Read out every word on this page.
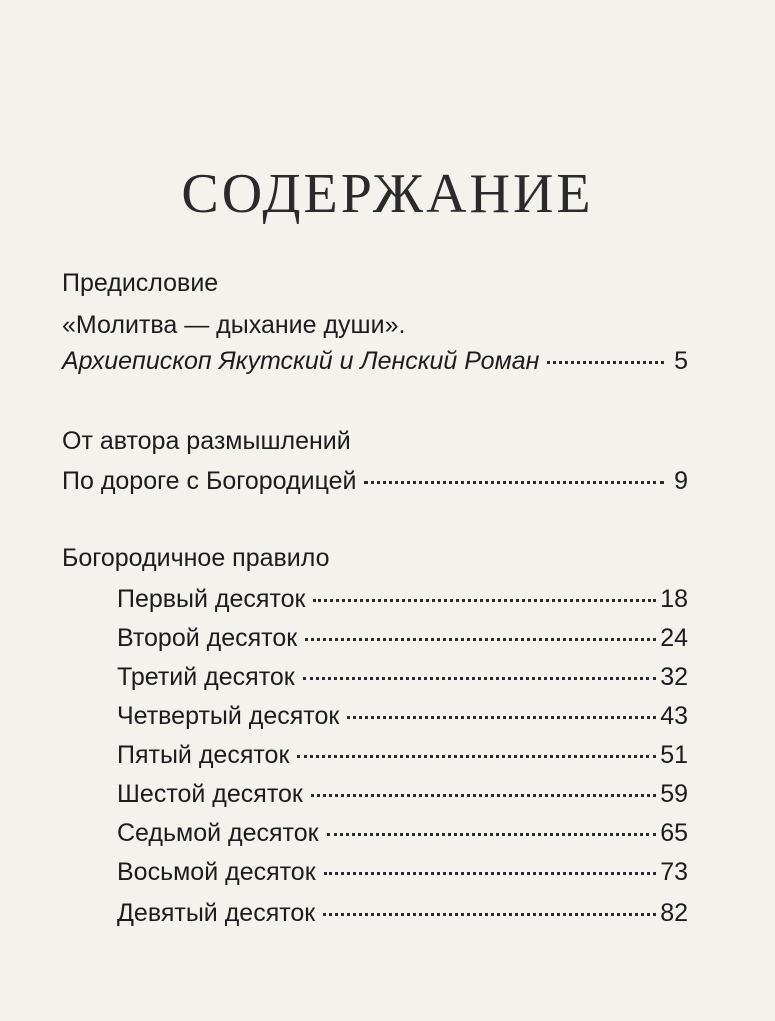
СОДЕРЖАНИЕ
Предисловие
«Молитва — дыхание души».
Архиепископ Якутский и Ленский Роман	5
От автора размышлений
По дороге с Богородицей	9
Богородичное правило
Первый десяток	18
Второй десяток	24
Третий десяток	32
Четвертый десяток	43
Пятый десяток	51
Шестой десяток	59
Седьмой десяток	65
Восьмой десяток	73
Девятый десяток	82
